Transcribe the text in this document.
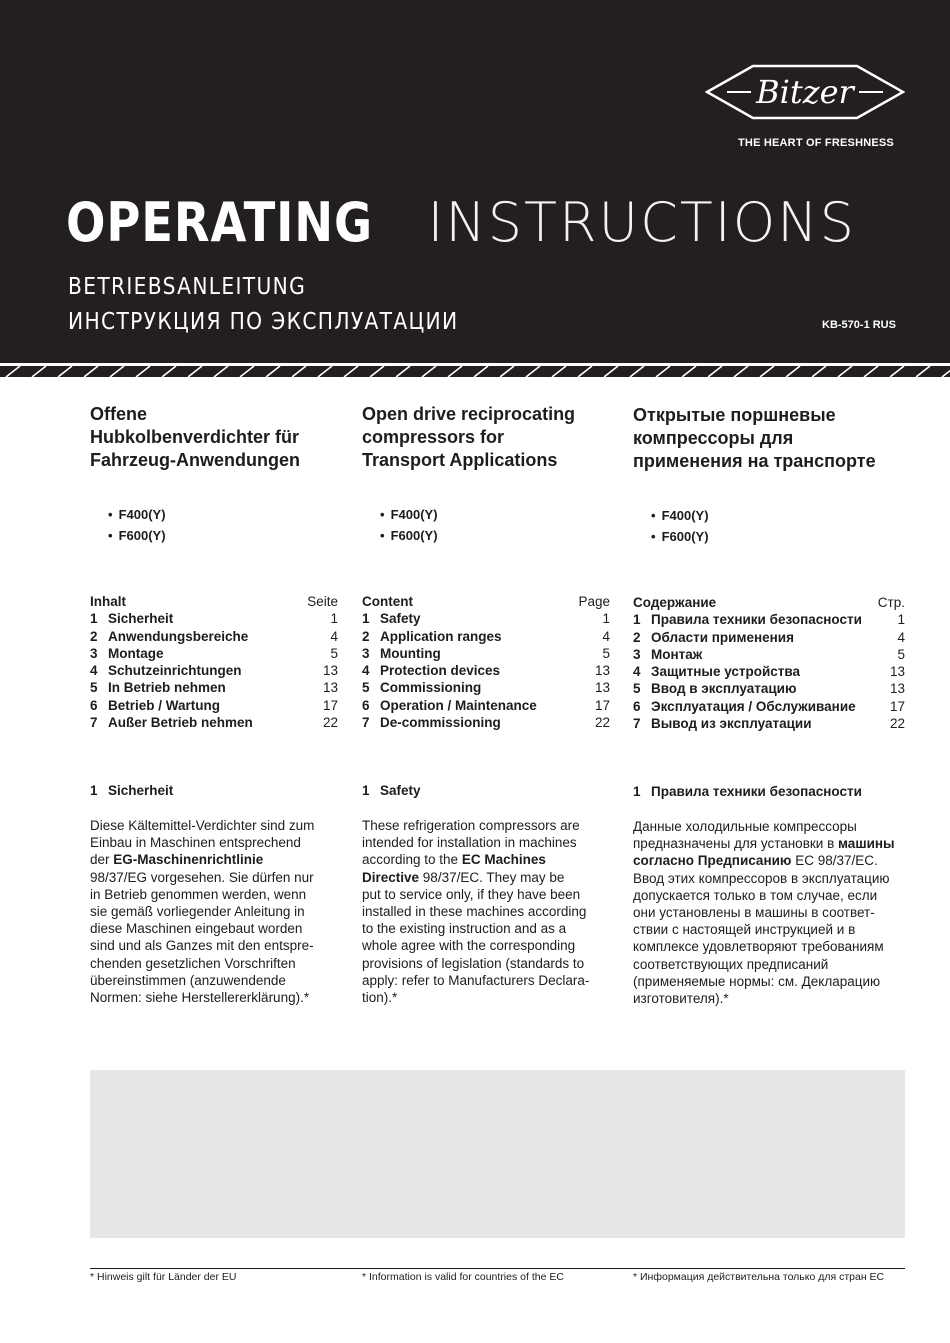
Bitzer
THE HEART OF FRESHNESS
OPERATING INSTRUCTIONS
BETRIEBSANLEITUNG
ИНСТРУКЦИЯ ПО ЭКСПЛУАТАЦИИ	KB-570-1 RUS
Offene
Hubkolbenverdichter für
Fahrzeug-Anwendungen
• F400(Y)
• F600(Y)
Inhalt	Seite
1 Sicherheit	1
2 Anwendungsbereiche	4
3 Montage	5
4 Schutzeinrichtungen	13
5 In Betrieb nehmen	13
6 Betrieb / Wartung	17
7 Außer Betrieb nehmen	22
1 Sicherheit
Diese Kältemittel-Verdichter sind zum
Einbau in Maschinen entsprechend
der EG-Maschinenrichtlinie
98/37/EG vorgesehen. Sie dürfen nur
in Betrieb genommen werden, wenn
sie gemäß vorliegender Anleitung in
diese Maschinen eingebaut worden
sind und als Ganzes mit den entspre-
chenden gesetzlichen Vorschriften
übereinstimmen (anzuwendende
Normen: siehe Herstellererklärung).*
* Hinweis gilt für Länder der EU
Open drive reciprocating
compressors for
Transport Applications
• F400(Y)
• F600(Y)
Content	Page
1 Safety	1
2 Application ranges	4
3 Mounting	5
4 Protection devices	13
5 Commissioning	13
6 Operation / Maintenance	17
7 De-commissioning	22
1 Safety
These refrigeration compressors are
intended for installation in machines
according to the EC Machines
Directive 98/37/EC. They may be
put to service only, if they have been
installed in these machines according
to the existing instruction and as a
whole agree with the corresponding
provisions of legislation (standards to
apply: refer to Manufacturers Declara-
tion).*
* Information is valid for countries of the EC
Открытые поршневые
компрессоры для
применения на транспорте
• F400(Y)
• F600(Y)
Содержание	Стр.
1 Правила техники безопасности	1
2 Области применения	4
3 Монтаж	5
4 Защитные устройства	13
5 Ввод в эксплуатацию	13
6 Эксплуатация / Обслуживание	17
7 Вывод из эксплуатации	22
1 Правила техники безопасности
Данные холодильные компрессоры
предназначены для установки в машины
согласно Предписанию ЕС 98/37/EC.
Ввод этих компрессоров в эксплуатацию
допускается только в том случае, если
они установлены в машины в соответ-
ствии с настоящей инструкцией и в
комплексе удовлетворяют требованиям
соответствующих предписаний
(применяемые нормы: см. Декларацию
изготовителя).*
* Информация действительна только для стран ЕС
